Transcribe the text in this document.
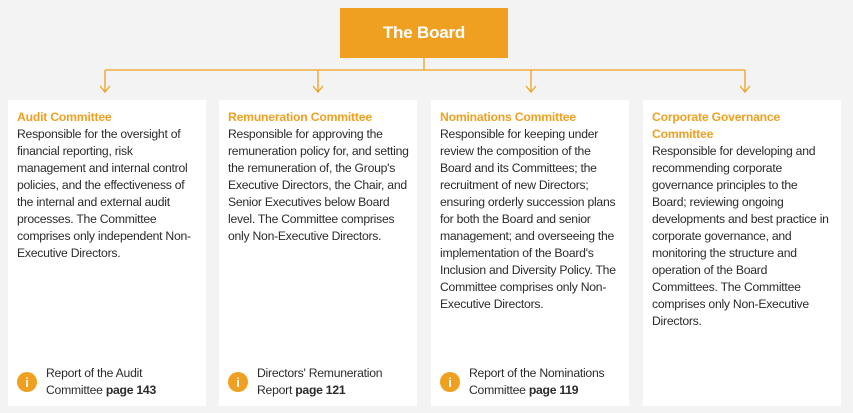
The Board
Audit Committee
Responsible for the oversight of financial reporting, risk management and internal control policies, and the effectiveness of the internal and external audit processes. The Committee comprises only independent Non-Executive Directors.
i
Report of the Audit
Committee page 143
Remuneration Committee
Responsible for approving the remuneration policy for, and setting the remuneration of, the Group's Executive Directors, the Chair, and Senior Executives below Board level. The Committee comprises only Non-Executive Directors.
i
Directors' Remuneration
Report page 121
Nominations Committee
Responsible for keeping under review the composition of the Board and its Committees; the recruitment of new Directors; ensuring orderly succession plans for both the Board and senior management; and overseeing the implementation of the Board's Inclusion and Diversity Policy. The Committee comprises only Non-Executive Directors.
i
Report of the Nominations
Committee page 119
Corporate Governance Committee
Responsible for developing and recommending corporate governance principles to the Board; reviewing ongoing developments and best practice in corporate governance, and monitoring the structure and operation of the Board Committees. The Committee comprises only Non-Executive Directors.
